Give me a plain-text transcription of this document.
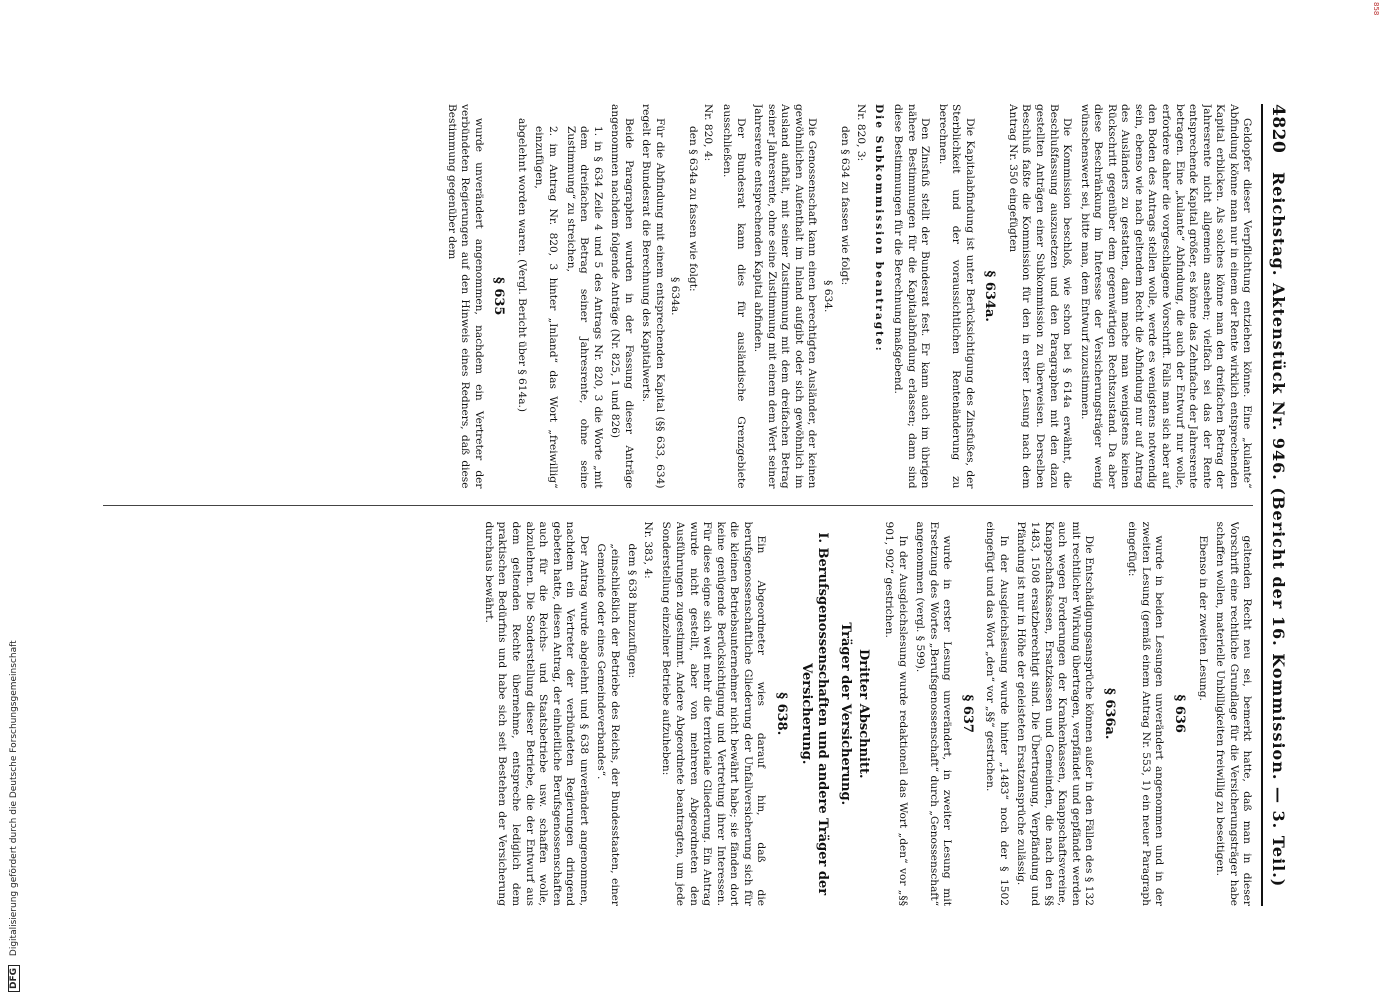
DFG Digitalisierung gefördert durch die Deutsche Forschungsgemeinschaft
858
4820
Reichstag. Aktenstück Nr. 946. (Bericht der 16. Kommission. — 3. Teil.)

Geldopfer dieser Verpflichtung entziehen könne. Eine „kulante“ Abfindung könne man nur in einem der Rente wirklich entsprechenden Kapital erblicken. Als solches könne man den dreifachen Betrag der Jahresrente nicht allgemein ansehen; vielfach sei das der Rente entsprechende Kapital größer, es könne das Zehnfache der Jahresrente betragen. Eine „kulante“ Abfindung, die auch der Entwurf nur wolle, erfordere daher die vorgeschlagene Vorschrift. Falls man sich aber auf den Boden des Antrags stellen wolle, werde es wenigstens notwendig sein, ebenso wie nach geltendem Recht die Abfindung nur auf Antrag des Ausländers zu gestatten, dann mache man wenigstens keinen Rückschritt gegenüber dem gegenwärtigen Rechtszustand. Da aber diese Beschränkung im Interesse der Versicherungsträger wenig wünschenswert sei, bitte man, dem Entwurf zuzustimmen.

Die Kommission beschloß, wie schon bei § 614a erwähnt, die Beschlußfassung auszusetzen und den Paragraphen mit den dazu gestellten Anträgen einer Subkommission zu überweisen. Derselben Beschluß faßte die Kommission für den in erster Lesung nach dem Antrag Nr. 350 eingefügten

§ 634a.

Die Kapitalabfindung ist unter Berücksichtigung des Zinsfußes, der Sterblichkeit und der voraussichtlichen Rentenänderung zu berechnen.

Den Zinsfuß stellt der Bundesrat fest. Er kann auch im übrigen nähere Bestimmungen für die Kapitalabfindung erlassen; dann sind diese Bestimmungen für die Berechnung maßgebend.

Die Subkommission beantragte:
Nr. 820, 3:

den § 634 zu fassen wie folgt:

§ 634.

Die Genossenschaft kann einen berechtigten Ausländer, der keinen gewöhnlichen Aufenthalt im Inland aufgibt oder sich gewöhnlich im Ausland aufhält, mit seiner Zustimmung mit dem dreifachen Betrag seiner Jahresrente, ohne seine Zustimmung mit einem dem Wert seiner Jahresrente entsprechenden Kapital abfinden.

Der Bundesrat kann dies für ausländische Grenzgebiete ausschließen.

Nr. 820, 4:

den § 634a zu fassen wie folgt:

§ 634a.

Für die Abfindung mit einem entsprechenden Kapital (§§ 633, 634) regelt der Bundesrat die Berechnung des Kapitalwerts.

Beide Paragraphen wurden in der Fassung dieser Anträge angenommen nachdem folgende Anträge (Nr. 825, 1 und 826)

1. in § 634 Zeile 4 und 5 des Antrags Nr. 820, 3 die Worte „mit dem dreifachen Betrag seiner Jahresrente, ohne seine Zustimmung“ zu streichen,

2. im Antrag Nr. 820, 3 hinter „Inland“ das Wort „freiwillig“ einzufügen,

abgelehnt worden waren. (Vergl. Bericht über § 614a.)

§ 635

wurde unverändert angenommen, nachdem ein Vertreter der verbündeten Regierungen auf den Hinweis eines Redners, daß diese Bestimmung gegenüber dem

geltenden Recht neu sei, bemerkt hatte, daß man in dieser Vorschrift eine rechtliche Grundlage für die Versicherungsträger habe schaffen wollen, materielle Unbilligkeiten freiwillig zu beseitigen.

Ebenso in der zweiten Lesung.

§ 636

wurde in beiden Lesungen unverändert angenommen und in der zweiten Lesung (gemäß einem Antrag Nr. 553, 1) ein neuer Paragraph eingefügt:

§ 636a.

Die Entschädigungsansprüche können außer in den Fällen des § 132 mit rechtlicher Wirkung übertragen, verpfändet und gepfändet werden auch wegen Forderungen der Krankenkassen, Knappschaftsvereine, Knappschaftskassen, Ersatzkassen und Gemeinden, die nach den §§ 1483, 1508 ersatzberechtigt sind. Die Übertragung, Verpfändung und Pfändung ist nur in Höhe der geleisteten Ersatzansprüche zulässig.

In der Ausgleichslesung wurde hinter „1483“ noch der § 1502 eingefügt und das Wort „den“ vor „§§“ gestrichen.

§ 637

wurde in erster Lesung unverändert, in zweiter Lesung mit Ersetzung des Wortes „Berufsgenossenschaft“ durch „Genossenschaft“ angenommen (vergl. § 599).

In der Ausgleichslesung wurde redaktionell das Wort „den“ vor „§§ 901, 902“ gestrichen.

Dritter Abschnitt.
Träger der Versicherung.
I. Berufsgenossenschaften und andere Träger der Versicherung.
§ 638.

Ein Abgeordneter wies darauf hin, daß die berufsgenossenschaftliche Gliederung der Unfallversicherung sich für die kleinen Betriebsunternehmer nicht bewährt habe; sie fänden dort keine genügende Berücksichtigung und Vertretung ihrer Interessen. Für diese eigne sich weit mehr die territoriale Gliederung. Ein Antrag wurde nicht gestellt, aber von mehreren Abgeordneten den Ausführungen zugestimmt. Andere Abgeordnete beantragten, um jede Sonderstellung einzelner Betriebe aufzuheben:

Nr. 383, 4:

dem § 638 hinzuzufügen:

„einschließlich der Betriebe des Reichs, der Bundesstaaten, einer Gemeinde oder eines Gemeindeverbandes“.

Der Antrag wurde abgelehnt und § 638 unverändert angenommen, nachdem ein Vertreter der verbündeten Regierungen dringend gebeten hatte, diesen Antrag, der einheitliche Berufsgenossenschaften auch für die Reichs- und Staatsbetriebe usw. schaffen wolle, abzulehnen. Die Sonderstellung dieser Betriebe, die der Entwurf aus dem geltenden Rechte übernehme, entspreche lediglich dem praktischen Bedürfnis und habe sich seit Bestehen der Versicherung durchaus bewährt.
